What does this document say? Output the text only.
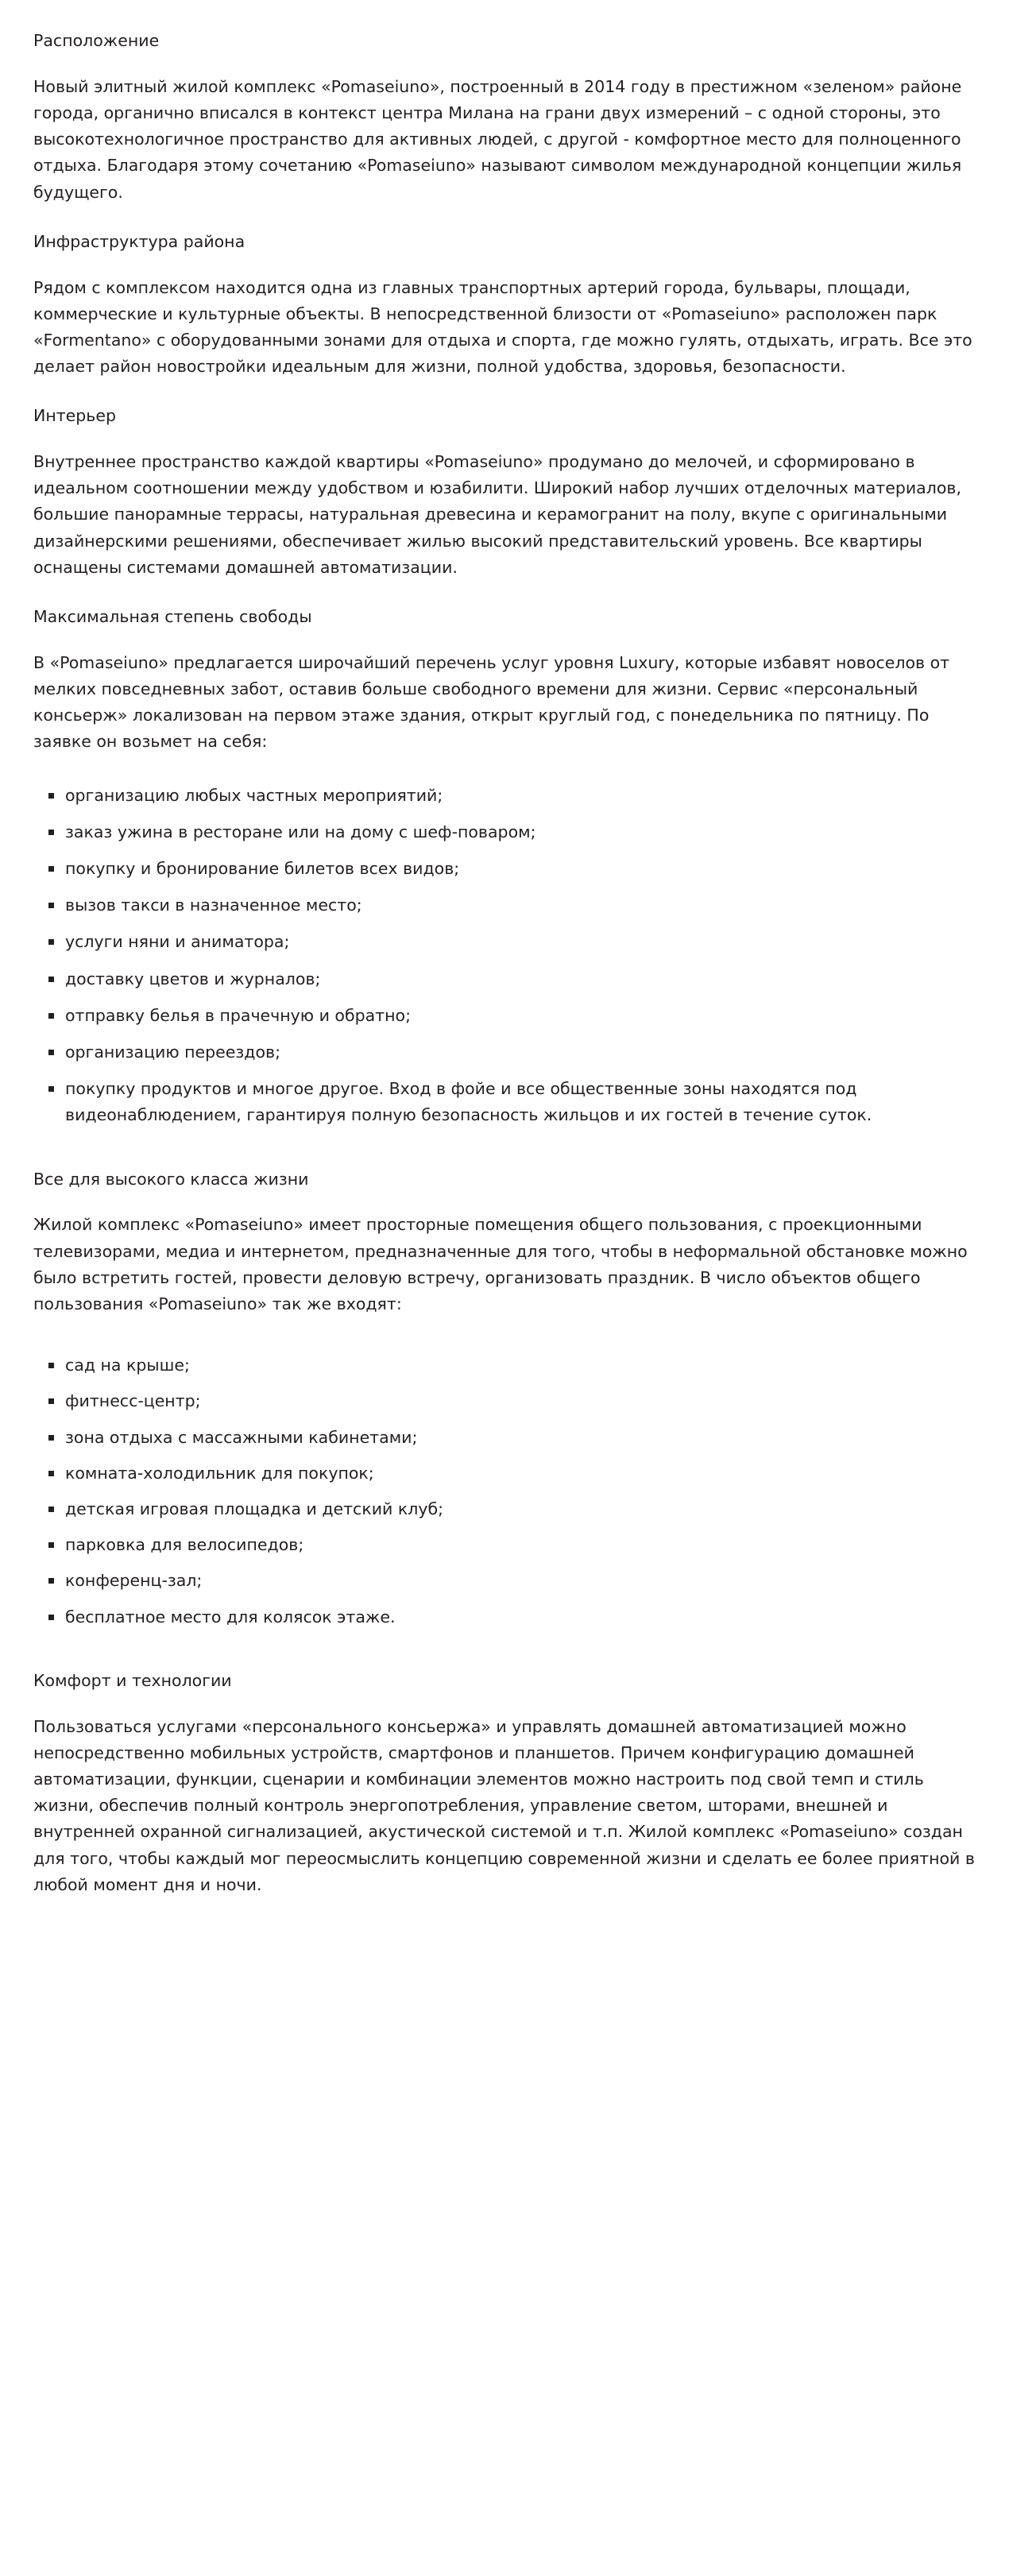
Расположение

Новый элитный жилой комплекс «Pomaseiuno», построенный в 2014 году в престижном «зеленом» районе города, органично вписался в контекст центра Милана на грани двух измерений – с одной стороны, это высокотехнологичное пространство для активных людей, с другой - комфортное место для полноценного отдыха. Благодаря этому сочетанию «Pomaseiuno» называют символом международной концепции жилья будущего.

Инфраструктура района

Рядом с комплексом находится одна из главных транспортных артерий города, бульвары, площади, коммерческие и культурные объекты. В непосредственной близости от «Pomaseiuno» расположен парк «Formentano» с оборудованными зонами для отдыха и спорта, где можно гулять, отдыхать, играть. Все это делает район новостройки идеальным для жизни, полной удобства, здоровья, безопасности.

Интерьер

Внутреннее пространство каждой квартиры «Pomaseiuno» продумано до мелочей, и сформировано в идеальном соотношении между удобством и юзабилити. Широкий набор лучших отделочных материалов, большие панорамные террасы, натуральная древесина и керамогранит на полу, вкупе с оригинальными дизайнерскими решениями, обеспечивает жилью высокий представительский уровень. Все квартиры оснащены системами домашней автоматизации.

Максимальная степень свободы

В «Pomaseiuno» предлагается широчайший перечень услуг уровня Luxury, которые избавят новоселов от мелких повседневных забот, оставив больше свободного времени для жизни. Сервис «персональный консьерж» локализован на первом этаже здания, открыт круглый год, с понедельника по пятницу. По заявке он возьмет на себя:

организацию любых частных мероприятий;
заказ ужина в ресторане или на дому с шеф-поваром;
покупку и бронирование билетов всех видов;
вызов такси в назначенное место;
услуги няни и аниматора;
доставку цветов и журналов;
отправку белья в прачечную и обратно;
организацию переездов;
покупку продуктов и многое другое. Вход в фойе и все общественные зоны находятся под видеонаблюдением, гарантируя полную безопасность жильцов и их гостей в течение суток.
Все для высокого класса жизни

Жилой комплекс «Pomaseiuno» имеет просторные помещения общего пользования, с проекционными телевизорами, медиа и интернетом, предназначенные для того, чтобы в неформальной обстановке можно было встретить гостей, провести деловую встречу, организовать праздник. В число объектов общего пользования «Pomaseiuno» так же входят:

сад на крыше;
фитнесс-центр;
зона отдыха с массажными кабинетами;
комната-холодильник для покупок;
детская игровая площадка и детский клуб;
парковка для велосипедов;
конференц-зал;
бесплатное место для колясок этаже.
Комфорт и технологии

Пользоваться услугами «персонального консьержа» и управлять домашней автоматизацией можно непосредственно мобильных устройств, смартфонов и планшетов. Причем конфигурацию домашней автоматизации, функции, сценарии и комбинации элементов можно настроить под свой темп и стиль жизни, обеспечив полный контроль энергопотребления, управление светом, шторами, внешней и внутренней охранной сигнализацией, акустической системой и т.п. Жилой комплекс «Pomaseiuno» создан для того, чтобы каждый мог переосмыслить концепцию современной жизни и сделать ее более приятной в любой момент дня и ночи.
